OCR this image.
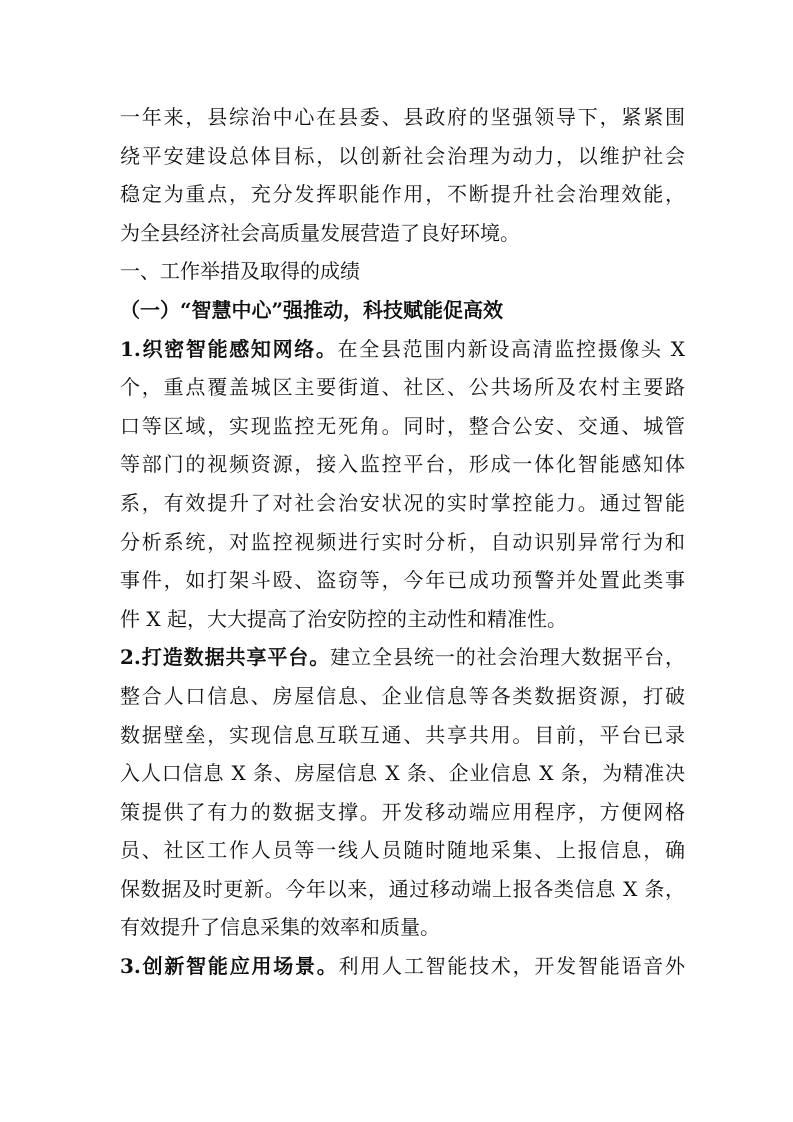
一年来，县综治中心在县委、县政府的坚强领导下，紧紧围
绕平安建设总体目标，以创新社会治理为动力，以维护社会
稳定为重点，充分发挥职能作用，不断提升社会治理效能，
为全县经济社会高质量发展营造了良好环境。
一、工作举措及取得的成绩
（一）“智慧中心”强推动，科技赋能促高效
1.织密智能感知网络。在全县范围内新设高清监控摄像头 X
个，重点覆盖城区主要街道、社区、公共场所及农村主要路
口等区域，实现监控无死角。同时，整合公安、交通、城管
等部门的视频资源，接入监控平台，形成一体化智能感知体
系，有效提升了对社会治安状况的实时掌控能力。通过智能
分析系统，对监控视频进行实时分析，自动识别异常行为和
事件，如打架斗殴、盗窃等，今年已成功预警并处置此类事
件 X 起，大大提高了治安防控的主动性和精准性。
2.打造数据共享平台。建立全县统一的社会治理大数据平台，
整合人口信息、房屋信息、企业信息等各类数据资源，打破
数据壁垒，实现信息互联互通、共享共用。目前，平台已录
入人口信息 X 条、房屋信息 X 条、企业信息 X 条，为精准决
策提供了有力的数据支撑。开发移动端应用程序，方便网格
员、社区工作人员等一线人员随时随地采集、上报信息，确
保数据及时更新。今年以来，通过移动端上报各类信息 X 条，
有效提升了信息采集的效率和质量。
3.创新智能应用场景。利用人工智能技术，开发智能语音外
